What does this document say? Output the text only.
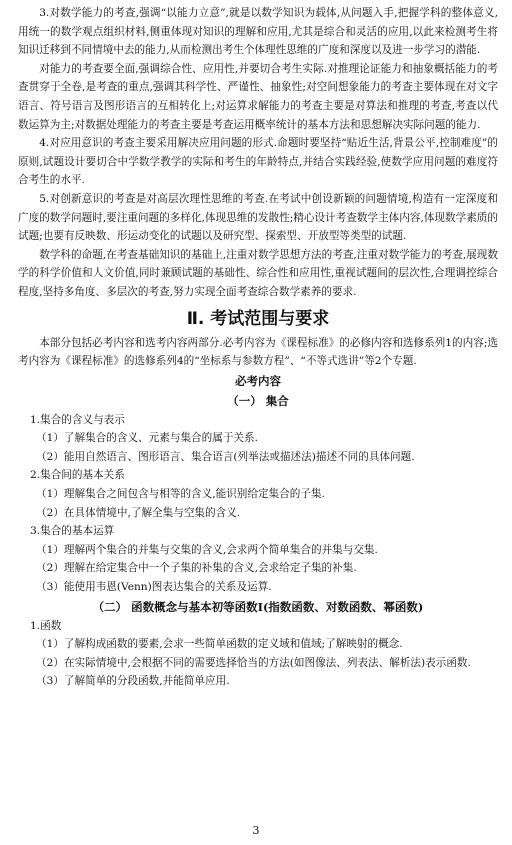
3.对数学能力的考查,强调“以能力立意”,就是以数学知识为载体,从问题入手,把握学科的整体意义,用统一的数学观点组织材料,侧重体现对知识的理解和应用,尤其是综合和灵活的应用,以此来检测考生将知识迁移到不同情境中去的能力,从而检测出考生个体理性思维的广度和深度以及进一步学习的潜能.

对能力的考查要全面,强调综合性、应用性,并要切合考生实际.对推理论证能力和抽象概括能力的考查贯穿于全卷,是考查的重点,强调其科学性、严谨性、抽象性;对空间想象能力的考查主要体现在对文字语言、符号语言及图形语言的互相转化上;对运算求解能力的考查主要是对算法和推理的考查,考查以代数运算为主;对数据处理能力的考查主要是考查运用概率统计的基本方法和思想解决实际问题的能力.

4.对应用意识的考查主要采用解决应用问题的形式.命题时要坚持“贴近生活,背景公平,控制难度”的原则,试题设计要切合中学数学教学的实际和考生的年龄特点,并结合实践经验,使数学应用问题的难度符合考生的水平.

5.对创新意识的考查是对高层次理性思维的考查.在考试中创设新颖的问题情境,构造有一定深度和广度的数学问题时,要注重问题的多样化,体现思维的发散性;精心设计考查数学主体内容,体现数学素质的试题;也要有反映数、形运动变化的试题以及研究型、探索型、开放型等类型的试题.

数学科的命题,在考查基础知识的基础上,注重对数学思想方法的考查,注重对数学能力的考查,展现数学的科学价值和人文价值,同时兼顾试题的基础性、综合性和应用性,重视试题间的层次性,合理调控综合程度,坚持多角度、多层次的考查,努力实现全面考查综合数学素养的要求.

Ⅱ. 考试范围与要求

本部分包括必考内容和选考内容两部分.必考内容为《课程标准》的必修内容和选修系列1的内容;选考内容为《课程标准》的选修系列4的“坐标系与参数方程”、“不等式选讲”等2个专题.

必考内容
（一） 集合
1.集合的含义与表示
（1）了解集合的含义、元素与集合的属于关系.
（2）能用自然语言、图形语言、集合语言(列举法或描述法)描述不同的具体问题.
2.集合间的基本关系
（1）理解集合之间包含与相等的含义,能识别给定集合的子集.
（2）在具体情境中,了解全集与空集的含义.
3.集合的基本运算
（1）理解两个集合的并集与交集的含义,会求两个简单集合的并集与交集.
（2）理解在给定集合中一个子集的补集的含义,会求给定子集的补集.
（3）能使用韦恩(Venn)图表达集合的关系及运算.
（二） 函数概念与基本初等函数Ⅰ(指数函数、对数函数、幂函数)
1.函数
（1）了解构成函数的要素,会求一些简单函数的定义域和值域;了解映射的概念.
（2）在实际情境中,会根据不同的需要选择恰当的方法(如图像法、列表法、解析法)表示函数.
（3）了解简单的分段函数,并能简单应用.
3
